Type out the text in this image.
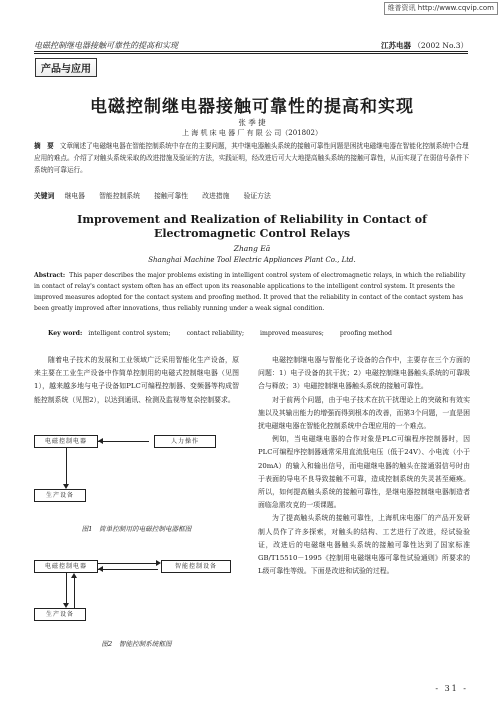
维普资讯 http://www.cqvip.com
电磁控制继电器接触可靠性的提高和实现	江苏电器 （2002 No.3）
产品与应用
电磁控制继电器接触可靠性的提高和实现
张 季 捷
上 海 机 床 电 器 厂 有 限 公 司（201802）
摘　要 文章阐述了电磁继电器在智能控制系统中存在的主要问题，其中继电器触头系统的接触可靠性问题是困扰电磁继电器在智能化控制系统中合理应用的难点。介绍了对触头系统采取的改进措施及验证的方法，实践证明，经改进后可大大地提高触头系统的接触可靠性，从而实现了在弱信号条件下系统的可靠运行。
关键词 继电器 智能控制系统 接触可靠性 改进措施 验证方法
Improvement and Realization of Reliability in Contact of
Electromagnetic Control Relays
Zhang Eā
Shanghai Machine Tool Electric Appliances Plant Co., Ltd.
Abstract: This paper describes the major problems existing in intelligent control system of electromagnetic relays, in which the reliability in contact of relay's contact system often has an effect upon its reasonable applications to the intelligent control system. It presents the improved measures adopted for the contact system and proofing method. It proved that the reliability in contact of the contact system has been greatly improved after innovations, thus reliably running under a weak signal condition.
Key word: intelligent control system;	contact reliability;	improved measures;	proofing method

随着电子技术的发展和工业领域广泛采用智能化生产设备，原来主要在工业生产设备中作简单控制用的电磁式控制继电器（见图1），越来越多地与电子设备如PLC可编程控制器、变频器等构成智能控制系统（见图2），以达到通讯、检测及监视等复杂控制要求。

电磁控制电器	人力操作
生产设备
图1　简单控制用的电磁控制电器框图
电磁控制电器	智能控制设备
生产设备
图2　智能控制系统框图

电磁控制继电器与智能化子设备的合作中，主要存在三个方面的问题：1）电子设备的抗干扰；2）电磁控制继电器触头系统的可靠吸合与释放；3）电磁控制继电器触头系统的接触可靠性。

对于前两个问题，由于电子技术在抗干扰理论上的突破和有效实施以及其输出能力的增强而得到根本的改善，而第3个问题，一直是困扰电磁继电器在智能化控制系统中合理应用的一个难点。

例如，当电磁继电器的合作对象是PLC可编程序控制器时，因PLC可编程序控制器通常采用直流低电压（低于24V）、小电流（小于20mA）的输入和输出信号，而电磁继电器的触头在接通弱信号时由于表面的导电不良导致接触不可靠，造成控制系统的失灵甚至瘫痪。所以，如何提高触头系统的接触可靠性，是继电器控制继电器制造者面临急需攻克的一项课题。

为了提高触头系统的接触可靠性，上海机床电器厂的产品开发研制人员作了许多探索，对触头的结构、工艺进行了改进，经试验验证，改进后的电磁继电器触头系统的接触可靠性达到了国家标准GB/T15510－1995《控制用电磁继电器可靠性试验通则》所要求的L级可靠性等级。下面是改进和试验的过程。

- 31 -
